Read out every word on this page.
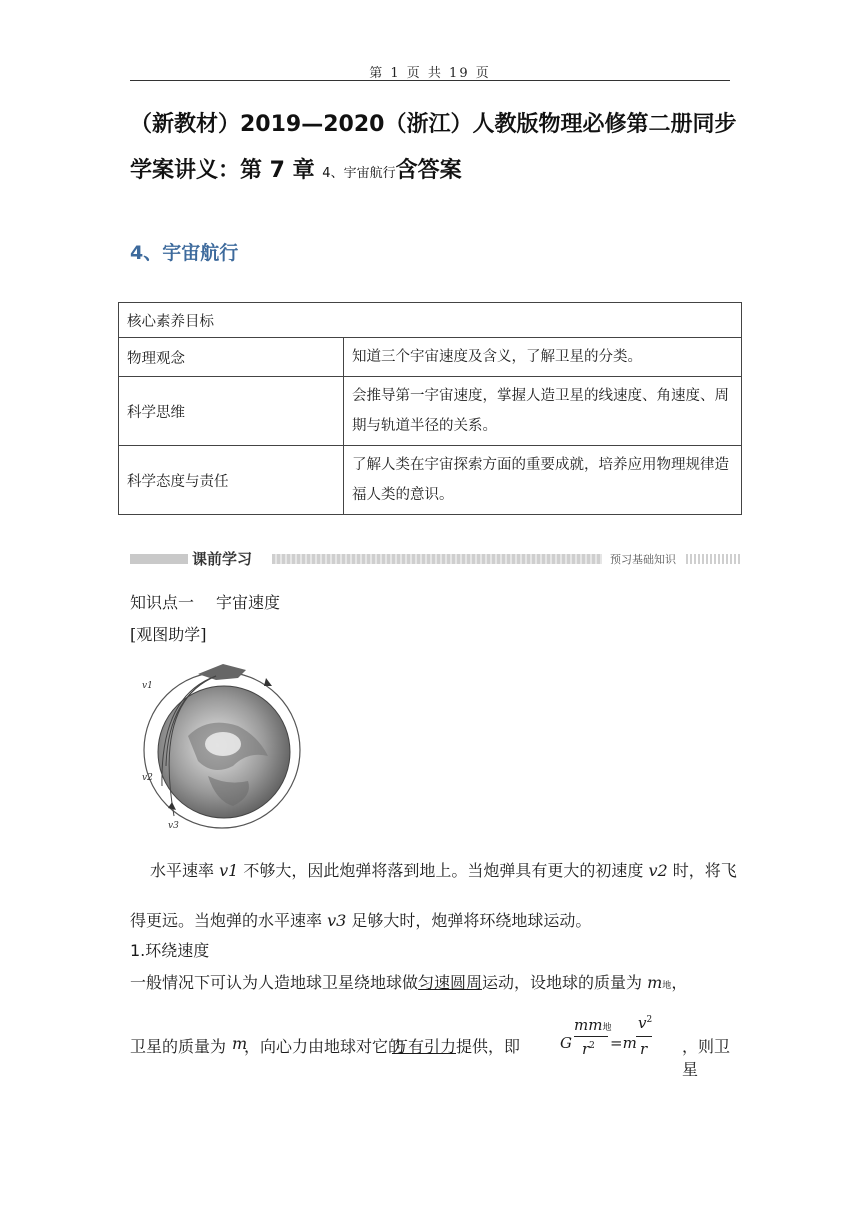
第 1 页 共 19 页
（新教材）2019—2020（浙江）人教版物理必修第二册同步
学案讲义：第 7 章 4、宇宙航行含答案
4、宇宙航行
核心素养目标	
物理观念	知道三个宇宙速度及含义，了解卫星的分类。
科学思维	会推导第一宇宙速度，掌握人造卫星的线速度、角速度、周期与轨道半径的关系。
科学态度与责任	了解人类在宇宙探索方面的重要成就，培养应用物理规律造福人类的意识。
课前学习	预习基础知识
知识点一 宇宙速度
[观图助学]
v1
v2
v3
水平速率 v1 不够大，因此炮弹将落到地上。当炮弹具有更大的初速度 v2 时，将飞得更远。当炮弹的水平速率 v3 足够大时，炮弹将环绕地球运动。
1.环绕速度
一般情况下可认为人造地球卫星绕地球做匀速圆周运动，设地球的质量为 m地，
卫星的质量为 m
，向心力由地球对它的
万有引力 提供，即	G
mm地
$r^2 =m$
$v^2$
r ，则卫星
